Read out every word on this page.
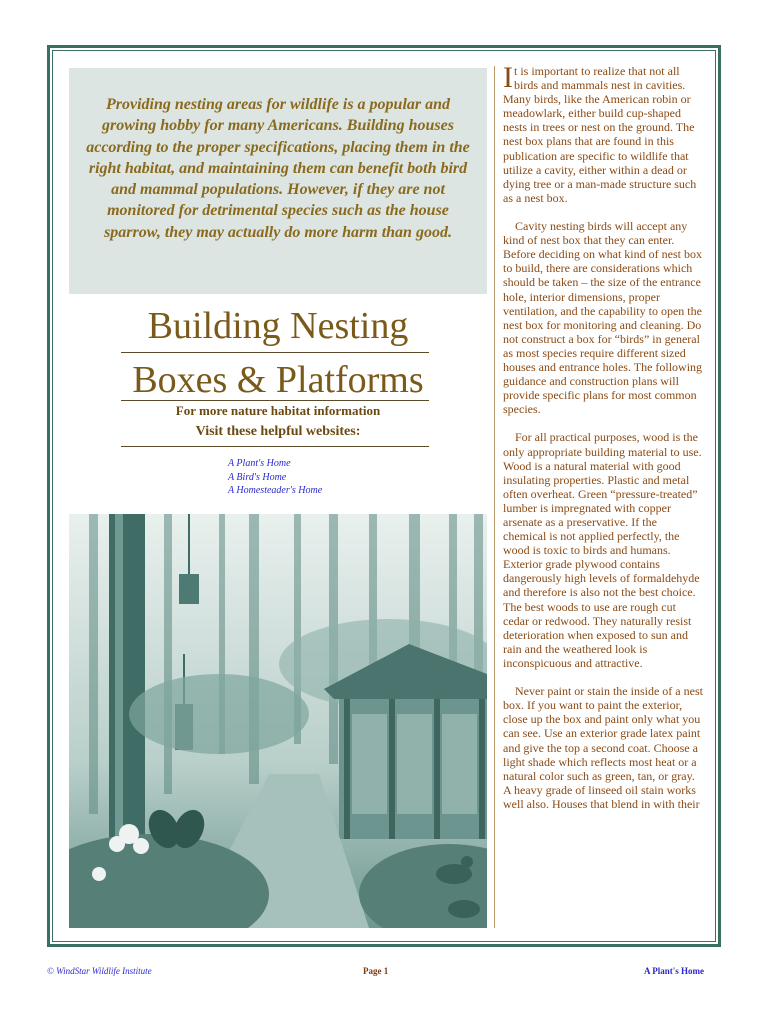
Providing nesting areas for wildlife is a popular and growing hobby for many Americans. Building houses according to the proper specifications, placing them in the right habitat, and maintaining them can benefit both bird and mammal populations. However, if they are not monitored for detrimental species such as the house sparrow, they may actually do more harm than good.
Building Nesting
Boxes & Platforms
For more nature habitat information
Visit these helpful websites:
A Plant's Home
A Bird's Home
A Homesteader's Home

It is important to realize that not all birds and mammals nest in cavities. Many birds, like the American robin or meadowlark, either build cup-shaped nests in trees or nest on the ground. The nest box plans that are found in this publication are specific to wildlife that utilize a cavity, either within a dead or dying tree or a man-made structure such as a nest box.

Cavity nesting birds will accept any kind of nest box that they can enter. Before deciding on what kind of nest box to build, there are considerations which should be taken – the size of the entrance hole, interior dimensions, proper ventilation, and the capability to open the nest box for monitoring and cleaning. Do not construct a box for “birds” in general as most species require different sized houses and entrance holes. The following guidance and construction plans will provide specific plans for most common species.

For all practical purposes, wood is the only appropriate building material to use. Wood is a natural material with good insulating properties. Plastic and metal often overheat. Green “pressure-treated” lumber is impregnated with copper arsenate as a preservative. If the chemical is not applied perfectly, the wood is toxic to birds and humans. Exterior grade plywood contains dangerously high levels of formaldehyde and therefore is also not the best choice. The best woods to use are rough cut cedar or redwood. They naturally resist deterioration when exposed to sun and rain and the weathered look is inconspicuous and attractive.

Never paint or stain the inside of a nest box. If you want to paint the exterior, close up the box and paint only what you can see. Use an exterior grade latex paint and give the top a second coat. Choose a light shade which reflects most heat or a natural color such as green, tan, or gray. A heavy grade of linseed oil stain works well also. Houses that blend in with their

© WindStar Wildlife Institute	Page 1	A Plant's Home
